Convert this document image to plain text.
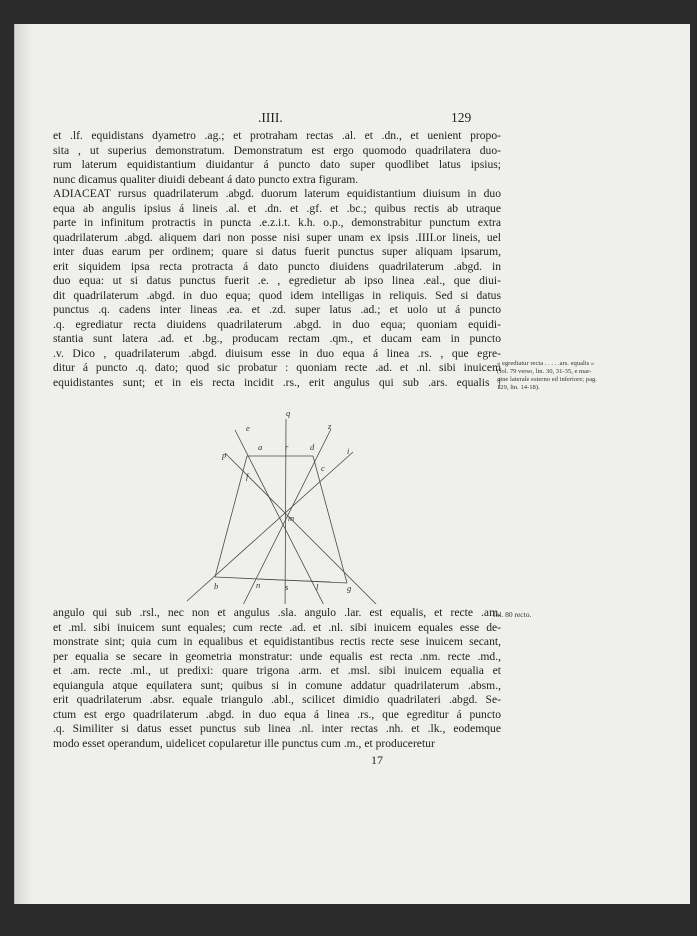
.IIII.	129
et .lf. equidistans dyametro .ag.; et protraham rectas .al. et .dn., et uenient propo-
sita , ut superius demonstratum. Demonstratum est ergo quomodo quadrilatera duo-
rum laterum equidistantium diuidantur á puncto dato super quodlibet latus ipsius;
nunc dicamus qualiter diuidi debeant á dato puncto extra figuram.
ADIACEAT rursus quadrilaterum .abgd. duorum laterum equidistantium diuisum in duo
equa ab angulis ipsius á lineis .al. et .dn. et .gf. et .bc.; quibus rectis ab utraque
parte in infinitum protractis in puncta .e.z.i.t. k.h. o.p., demonstrabitur punctum extra
quadrilaterum .abgd. aliquem dari non posse nisi super unam ex ipsis .IIII.or lineis, uel
inter duas earum per ordinem; quare si datus fuerit punctus super aliquam ipsarum,
erit siquidem ipsa recta protracta á dato puncto diuidens quadrilaterum .abgd. in
duo equa: ut si datus punctus fuerit .e. , egredietur ab ipso linea .eal., que diui-
dit quadrilaterum .abgd. in duo equa; quod idem intelligas in reliquis. Sed si datus
punctus .q. cadens inter lineas .ea. et .zd. super latus .ad.; et uolo ut á puncto
.q. egrediatur recta diuidens quadrilaterum .abgd. in duo equa; quoniam equidi-
stantia sunt latera .ad. et .bg., producam rectam .qm., et ducam eam in puncto
.v. Dico , quadrilaterum .abgd. diuisum esse in duo equa á linea .rs. , que egre-
ditur á puncto .q. dato; quod sic probatur : quoniam recte .ad. et .nl. sibi inuicem
equidistantes sunt; et in eis recta incidit .rs., erit angulus qui sub .ars. equalis |
« egrediatur recta . . . . .ars. equalis »
(fol. 79 verso, lin. 30, 31-35, e mar-
gine laterale esterno ed inferiore; pag.
129, lin. 14-18).
e
q
z
p
a	r	d	i
f
c
m
b	n	s	l	g
angulo qui sub .rsl., nec non et angulus .sla. angulo .lar. est equalis, et recte .am.
et .ml. sibi inuicem sunt equales; cum recte .ad. et .nl. sibi inuicem equales esse de-
monstrate sint; quia cum in equalibus et equidistantibus rectis recte sese inuicem secant,
per equalia se secare in geometria monstratur: unde equalis est recta .nm. recte .md.,
et .am. recte .ml., ut predixi: quare trigona .arm. et .msl. sibi inuicem equalia et
equiangula atque equilatera sunt; quibus si in comune addatur quadrilaterum .absm.,
erit quadrilaterum .absr. equale triangulo .abl., scilicet dimidio quadrilateri .abgd. Se-
ctum est ergo quadrilaterum .abgd. in duo equa á linea .rs., que egreditur á puncto
.q. Similiter si datus esset punctus sub linea .nl. inter rectas .nh. et .lk., eodemque
modo esset operandum, uidelicet copularetur ille punctus cum .m., et produceretur
fol. 80 recto.
17
